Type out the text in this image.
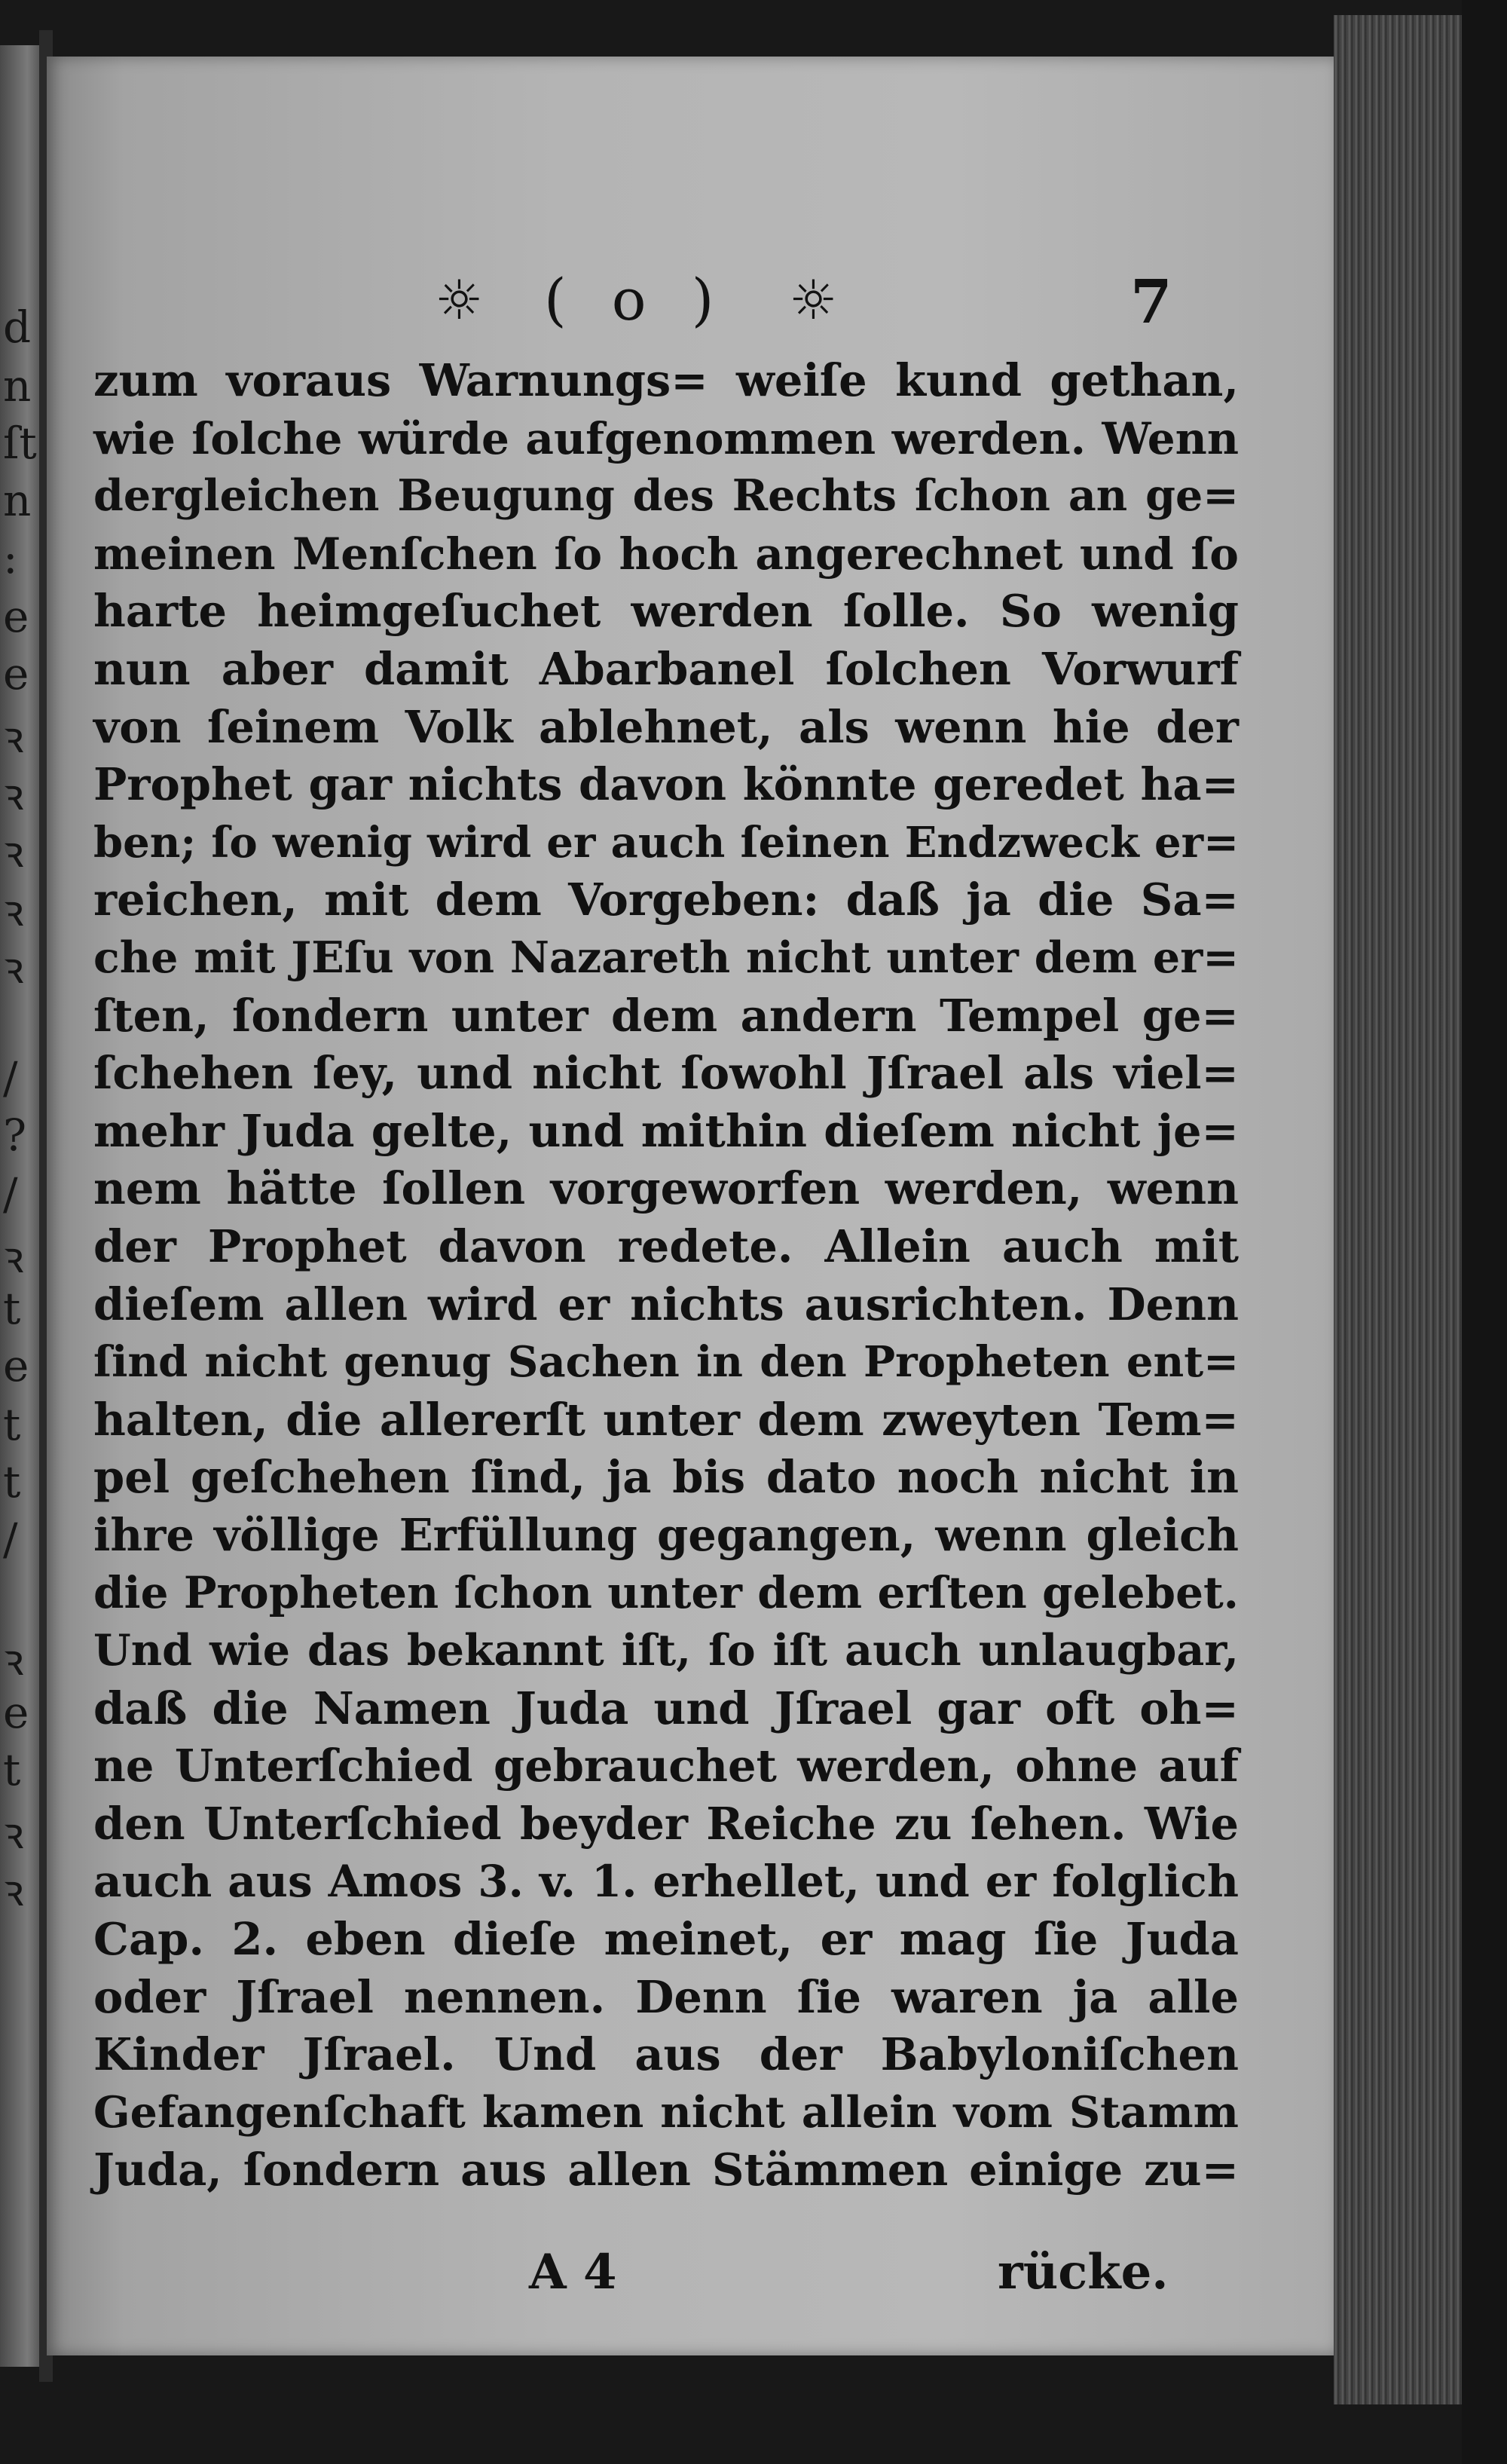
d
n
ſt
n
:
e
e
ꝛ
ꝛ
ꝛ
ꝛ
ꝛ
/
?
/
ꝛ
t
e
t
t
/
ꝛ
e
t
ꝛ
ꝛ
☼ ( o ) ☼	7
zum voraus Warnungs= weiſe kund gethan,
wie ſolche würde aufgenommen werden. Wenn
dergleichen Beugung des Rechts ſchon an ge=
meinen Menſchen ſo hoch angerechnet und ſo
harte heimgeſuchet werden ſolle. So wenig
nun aber damit Abarbanel ſolchen Vorwurf
von ſeinem Volk ablehnet, als wenn hie der
Prophet gar nichts davon könnte geredet ha=
ben; ſo wenig wird er auch ſeinen Endzweck er=
reichen, mit dem Vorgeben: daß ja die Sa=
che mit JEſu von Nazareth nicht unter dem er=
ſten, ſondern unter dem andern Tempel ge=
ſchehen ſey, und nicht ſowohl Jſrael als viel=
mehr Juda gelte, und mithin dieſem nicht je=
nem hätte ſollen vorgeworfen werden, wenn
der Prophet davon redete. Allein auch mit
dieſem allen wird er nichts ausrichten. Denn
ſind nicht genug Sachen in den Propheten ent=
halten, die allererſt unter dem zweyten Tem=
pel geſchehen ſind, ja bis dato noch nicht in
ihre völlige Erfüllung gegangen, wenn gleich
die Propheten ſchon unter dem erſten gelebet.
Und wie das bekannt iſt, ſo iſt auch unlaugbar,
daß die Namen Juda und Jſrael gar oft oh=
ne Unterſchied gebrauchet werden, ohne auf
den Unterſchied beyder Reiche zu ſehen. Wie
auch aus Amos 3. v. 1. erhellet, und er folglich
Cap. 2. eben dieſe meinet, er mag ſie Juda
oder Jſrael nennen. Denn ſie waren ja alle
Kinder Jſrael. Und aus der Babyloniſchen
Gefangenſchaft kamen nicht allein vom Stamm
Juda, ſondern aus allen Stämmen einige zu=
A 4	rücke.
